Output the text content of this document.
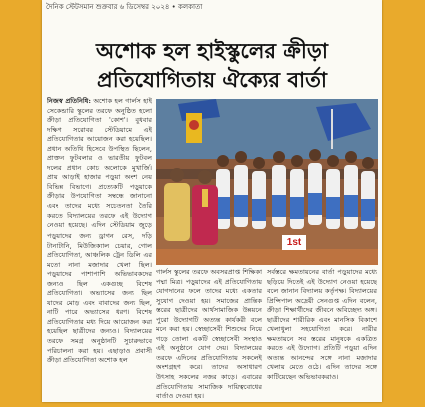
দৈনিক স্টেটসমান শুক্রবার ৬ ডিসেম্বর ২০২৪ • কলকাতা
অশোক হল হাইস্কুলের ক্রীড়া
প্রতিযোগিতায় ঐক্যের বার্তা

নিজস্ব প্রতিনিধি: অশোক হল গার্লস হাই সেকেন্ডারি স্কুলের তরফে অনুষ্ঠিত হলো ক্রীড়া প্রতিযোগিতা 'কোশ'। বুধবার দক্ষিণ সরোবর স্টেডিয়ামে এই প্রতিযোগিতার আয়োজন করা হয়েছিল। প্রধান অতিথি হিসেবে উপস্থিত ছিলেন, প্রাক্তন ফুটবলার ও ভারতীয় ফুটবল দলের প্রধান কোচ অলোকে মুখার্জি। প্রায় আড়াই হাজার পড়ুয়া অংশ নেয় বিভিন্ন বিভাগে। প্রত্যেকটি পড়ুয়াকে ক্রীড়ার উপযোগিতা সম্বন্ধে জানানো এবং তাদের মধ্যে সচেতনতা তৈরি করতে বিদ্যালয়ের তরফে এই উদ্যোগ নেওয়া হয়েছে। এদিন স্টেডিয়াম জুড়ে

পড়ুয়াদের জন্য ড্রাগন রেস, দড়ি টানাটানি, মিউজিক্যাল চেয়ার, গোল প্রতিযোগিতা, আঞ্চলিক ট্রেন ডিলি এর মতো নানা মজাদার খেলা ছিল। পড়ুয়াদের পাশাপাশি অভিভাবকদের জন্যও ছিল একগুচ্ছ বিশেষ প্রতিযোগিতা। অভ্যাসের জন্য ছিল যাদের মোড় এবং বাবাদের জন্য ছিল, নাটি পারে অভ্যাসের ধরণ। বিশেষ প্রতিযোগিতার মধ্য দিয়ে আয়োজন করা হয়েছিল ছাত্রীদের জন্যও। বিদ্যালয়ের তরফে সমগ্র অনুষ্ঠানটি সুচারুভাবে পরিচালনা করা হয়। এছাড়াও প্রবাসী ক্রীড়া প্রতিযোগিতা অশোক হল

1st

গার্লস স্কুলের তরফে অবসরপ্রাপ্ত শিক্ষিকা পদ্মা মিত্র। পড়ুয়াদের এই প্রতিযোগিতায় যোগদানের ফলে তাদের মধ্যে একতার সুযোগ দেওয়া হয়। সমাজের প্রান্তিক স্তরের ছাত্রীদের আর্থসামাজিক উন্নয়নে পুরো উদ্যোগটি অত্যন্ত কার্যকরী বলে মনে করা হয়। স্বেচ্ছাসেবী শিশুদের নিয়ে গড়ে তোলা একটি স্বেচ্ছাসেবী সংস্থাও এই অনুষ্ঠানে যোগ দেয়। বিদ্যালয়ের তরফে এদিনের প্রতিযোগিতায় সকলেই অংশগ্রহণ করে। তাদের অসাধারণ উৎসাহ সকলের নজর কাড়ে। এবারের প্রতিযোগিতায় সামাজিক দায়িত্ববোধের বার্তাও দেওয়া হয়।

সর্বস্তরে ক্ষমতায়নের বার্তা পড়ুয়াদের মধ্যে ছড়িয়ে দিতেই এই উদ্যোগ নেওয়া হয়েছে বলে জানান বিদ্যালয় কর্তৃপক্ষ। বিদ্যালয়ের প্রিন্সিপাল অদ্রেয়ী সেনগুপ্ত এদিন বলেন, ক্রীড়া শিক্ষার্থীদের জীবনে অবিচ্ছেদ্য অঙ্গ। ছাত্রীদের শারীরিক এবং মানসিক বিকাশে খেলাধুলা সহযোগিতা করে। নারীর ক্ষমতায়নে সব স্তরের মানুষকে একত্রিত করতে এই উদ্যোগ। প্রতিটি পড়ুয়া এদিন অত্যন্ত আনন্দের সঙ্গে নানা মজাদার খেলায় মেতে ওঠে। এদিন তাদের সঙ্গে কাটিয়েছেন অভিভাবকরাও।
